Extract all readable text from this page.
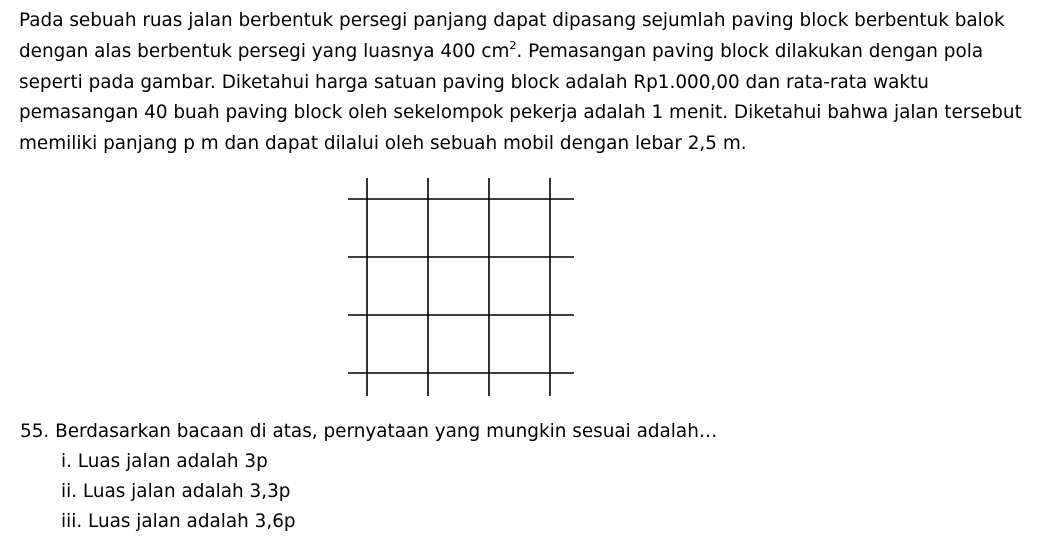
Pada sebuah ruas jalan berbentuk persegi panjang dapat dipasang sejumlah paving block berbentuk balok dengan alas berbentuk persegi yang luasnya 400 $cm^2$. Pemasangan paving block dilakukan dengan pola seperti pada gambar. Diketahui harga satuan paving block adalah Rp1.000,00 dan rata-rata waktu pemasangan 40 buah paving block oleh sekelompok pekerja adalah 1 menit. Diketahui bahwa jalan tersebut memiliki panjang p m dan dapat dilalui oleh sebuah mobil dengan lebar 2,5 m.

55. Berdasarkan bacaan di atas, pernyataan yang mungkin sesuai adalah…

i. Luas jalan adalah 3p

ii. Luas jalan adalah 3,3p

iii. Luas jalan adalah 3,6p
